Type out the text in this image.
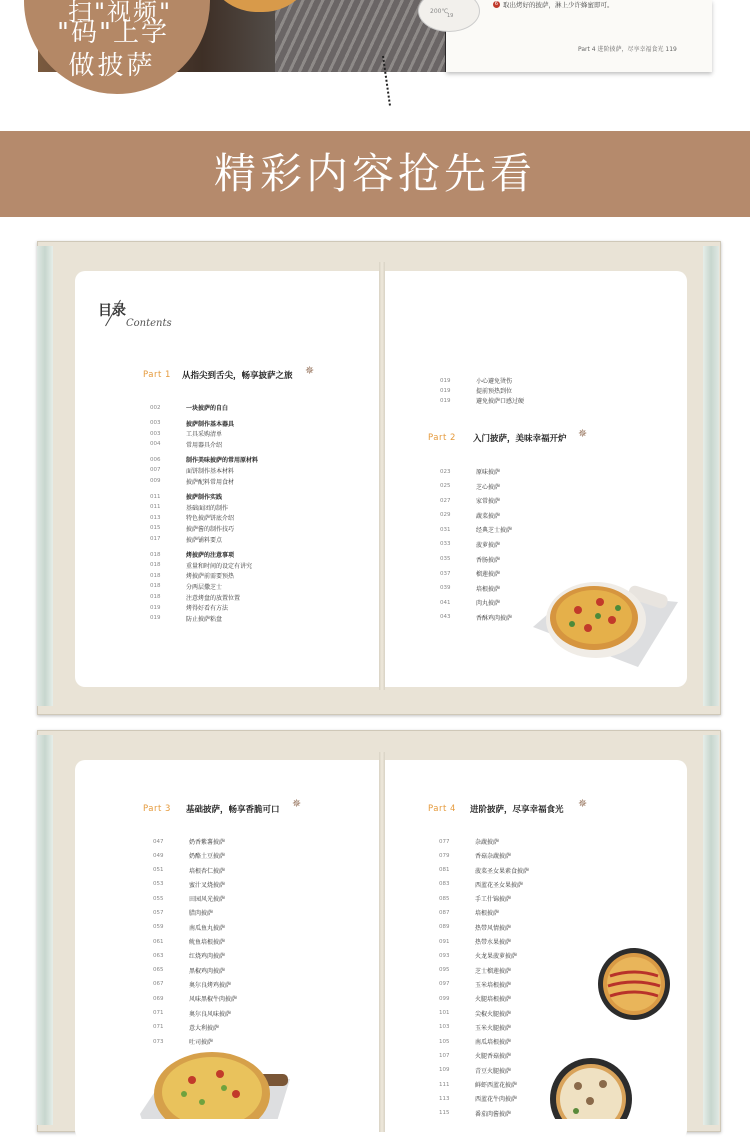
200℃
19
6 取出烤好的披萨，淋上少许蜂蜜即可。
Part 4 进阶披萨，尽享幸福食光 119
扫"视频"
"码"上学
做披萨
精彩内容抢先看
目录
Contents
Part 1 从指尖到舌尖，畅享披萨之旅 ✵
002	一块披萨的自白
003	披萨制作基本器具
003	工具采购清单
004	常用器具介绍
006	制作美味披萨的常用原材料
007	面饼制作基本材料
009	披萨配料常用食材
011	披萨制作实践
011	基础面团的制作
013	特色披萨饼底介绍
015	披萨酱的制作技巧
017	披萨铺料要点
018	烤披萨的注意事项
018	重量和时间的设定有讲究
018	烤披萨前需要预热
018	分两层撒芝士
018	注意烤盘的放置位置
019	烤得好看有方法
019	防止披萨粘盘
019	小心避免烫伤
019	提前预热到位
019	避免披萨口感过硬
Part 2 入门披萨，美味幸福开炉 ✵
023	原味披萨
025	芝心披萨
027	家常披萨
029	蔬菜披萨
031	经典芝士披萨
033	菠萝披萨
035	香肠披萨
037	榴莲披萨
039	培根披萨
041	肉丸披萨
043	香酥鸡肉披萨
Part 3 基础披萨，畅享香脆可口 ✵
047	奶香紫薯披萨
049	奶酪土豆披萨
051	培根杏仁披萨
053	蜜汁叉烧披萨
055	田园风光披萨
057	腊肉披萨
059	南瓜鱼丸披萨
061	鱿鱼培根披萨
063	红烧鸡肉披萨
065	黑椒鸡肉披萨
067	奥尔良烤鸡披萨
069	风味黑椒牛肉披萨
071	奥尔良风味披萨
071	意大利披萨
073	吐司披萨
Part 4 进阶披萨，尽享幸福食光 ✵
077	杂蔬披萨
079	香菇杂蔬披萨
081	菠菜圣女果素食披萨
083	西蓝花圣女果披萨
085	手工什锦披萨
087	培根披萨
089	热带风情披萨
091	热带水果披萨
093	火龙果菠萝披萨
095	芝士榴莲披萨
097	玉米培根披萨
099	火腿培根披萨
101	尖椒火腿披萨
103	玉米火腿披萨
105	南瓜培根披萨
107	火腿香菇披萨
109	青豆火腿披萨
111	鲜虾西蓝花披萨
113	西蓝花牛肉披萨
115	番茄肉酱披萨
